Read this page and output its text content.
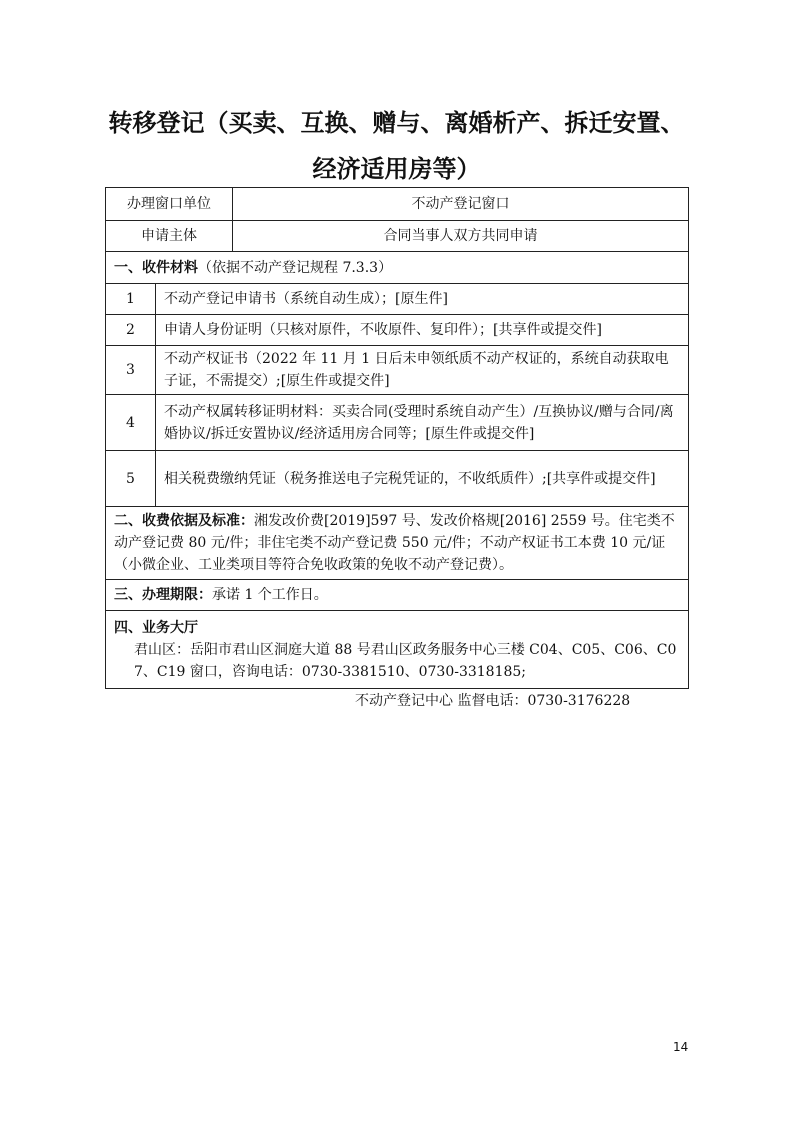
转移登记（买卖、互换、赠与、离婚析产、拆迁安置、
经济适用房等）
办理窗口单位		不动产登记窗口
申请主体		合同当事人双方共同申请
一、收件材料（依据不动产登记规程 7.3.3）		
1	不动产登记申请书（系统自动生成）；[原生件]	
2	申请人身份证明（只核对原件，不收原件、复印件）；[共享件或提交件]	
3	不动产权证书（2022 年 11 月 1 日后未申领纸质不动产权证的，系统自动获取电子证，不需提交）;[原生件或提交件]	
4	不动产权属转移证明材料：买卖合同(受理时系统自动产生）/互换协议/赠与合同/离婚协议/拆迁安置协议/经济适用房合同等；[原生件或提交件]	
5	相关税费缴纳凭证（税务推送电子完税凭证的，不收纸质件）;[共享件或提交件]	
二、收费依据及标准：湘发改价费[2019]597 号、发改价格规[2016] 2559 号。住宅类不动产登记费 80 元/件；非住宅类不动产登记费 550 元/件；不动产权证书工本费 10 元/证（小微企业、工业类项目等符合免收政策的免收不动产登记费）。		
三、办理期限：承诺 1 个工作日。		
四、业务大厅

君山区：岳阳市君山区洞庭大道 88 号君山区政务服务中心三楼 C04、C05、C06、C07、C19 窗口，咨询电话：0730-3381510、0730-3318185;		
不动产登记中心 监督电话：0730-3176228
14
